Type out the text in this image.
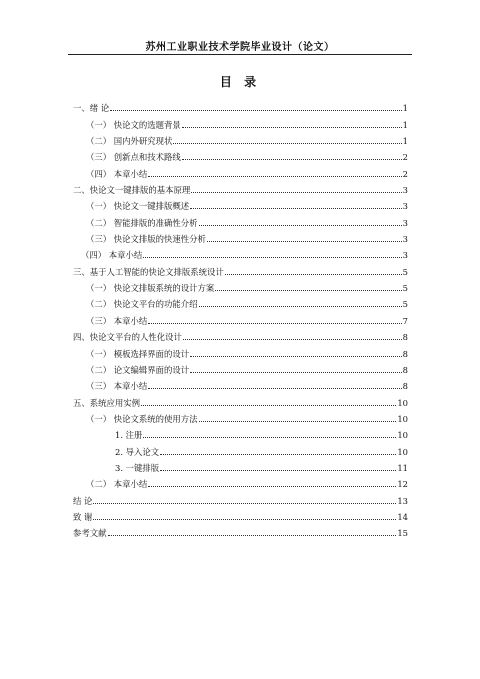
苏州工业职业技术学院毕业设计（论文）
目 录
一、绪 论	1
（一） 快论文的选题背景	1
（二） 国内外研究现状	1
（三） 创新点和技术路线	2
（四） 本章小结	2
二、快论文一键排版的基本原理	3
（一） 快论文一键排版概述	3
（二） 智能排版的准确性分析	3
（三） 快论文排版的快速性分析	3
（四） 本章小结	3
三、基于人工智能的快论文排版系统设计	5
（一） 快论文排版系统的设计方案	5
（二） 快论文平台的功能介绍	5
（三） 本章小结	7
四、快论文平台的人性化设计	8
（一） 模板选择界面的设计	8
（二） 论文编辑界面的设计	8
（三） 本章小结	8
五、系统应用实例	10
（一） 快论文系统的使用方法	10
1. 注册	10
2. 导入论文	10
3. 一键排版	11
（二） 本章小结	12
结 论	13
致 谢	14
参考文献	15
